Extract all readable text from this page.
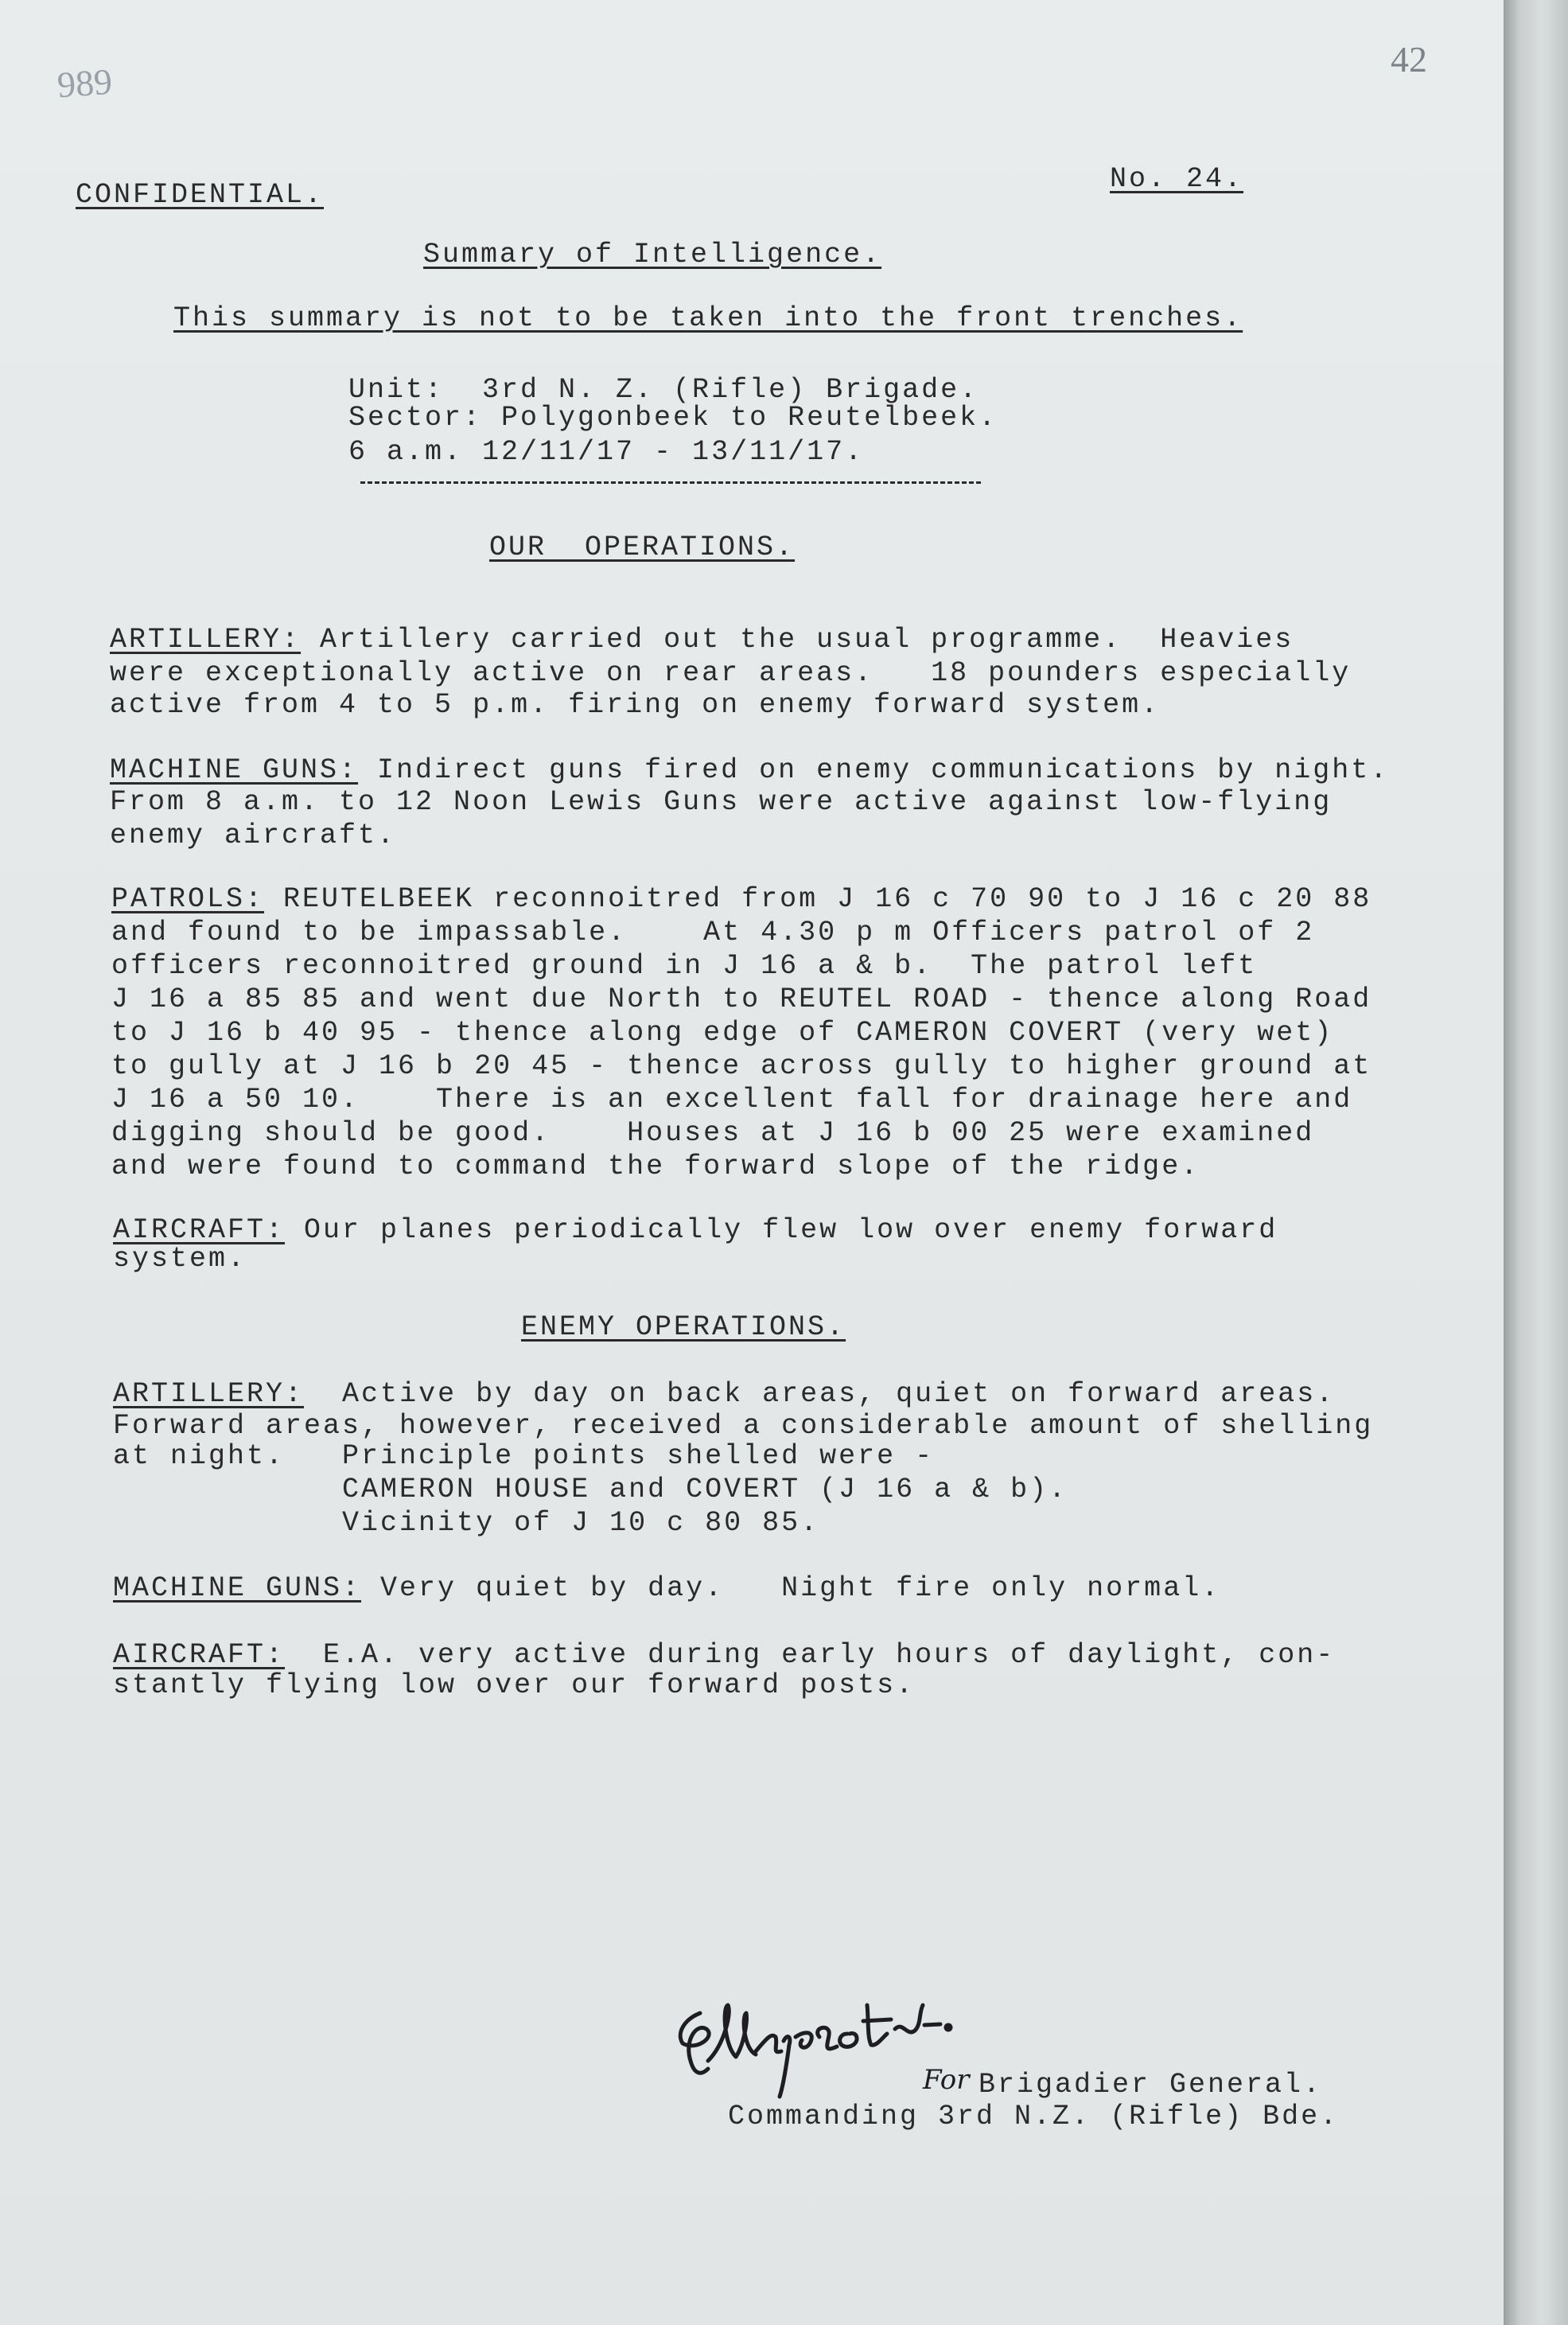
989
42
CONFIDENTIAL.	No. 24.
Summary of Intelligence.
This summary is not to be taken into the front trenches.
Unit:  3rd N. Z. (Rifle) Brigade.
Sector: Polygonbeek to Reutelbeek.
6 a.m. 12/11/17 - 13/11/17.
OUR  OPERATIONS.
ARTILLERY: Artillery carried out the usual programme.  Heavies
were exceptionally active on rear areas.   18 pounders especially
active from 4 to 5 p.m. firing on enemy forward system.
MACHINE GUNS: Indirect guns fired on enemy communications by night.
From 8 a.m. to 12 Noon Lewis Guns were active against low-flying
enemy aircraft.
PATROLS: REUTELBEEK reconnoitred from J 16 c 70 90 to J 16 c 20 88
and found to be impassable.    At 4.30 p m Officers patrol of 2
officers reconnoitred ground in J 16 a & b.  The patrol left
J 16 a 85 85 and went due North to REUTEL ROAD - thence along Road
to J 16 b 40 95 - thence along edge of CAMERON COVERT (very wet)
to gully at J 16 b 20 45 - thence across gully to higher ground at
J 16 a 50 10.    There is an excellent fall for drainage here and
digging should be good.    Houses at J 16 b 00 25 were examined
and were found to command the forward slope of the ridge.
AIRCRAFT: Our planes periodically flew low over enemy forward
system.
ENEMY OPERATIONS.
ARTILLERY:  Active by day on back areas, quiet on forward areas.
Forward areas, however, received a considerable amount of shelling
at night.   Principle points shelled were -
CAMERON HOUSE and COVERT (J 16 a & b).
Vicinity of J 10 c 80 85.
MACHINE GUNS: Very quiet by day.   Night fire only normal.
AIRCRAFT:  E.A. very active during early hours of daylight, con-
stantly flying low over our forward posts.
For Brigadier General.
Commanding 3rd N.Z. (Rifle) Bde.
